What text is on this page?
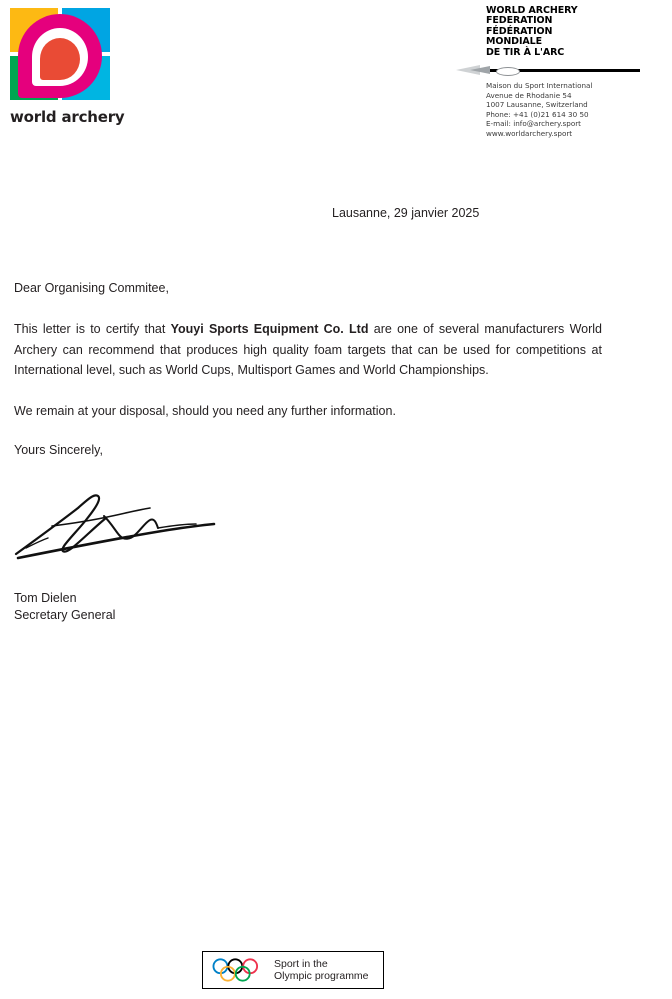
world archery
WORLD ARCHERY
FEDERATION
FÉDÉRATION
MONDIALE
DE TIR À L'ARC
Maison du Sport International
Avenue de Rhodanie 54
1007 Lausanne, Switzerland
Phone: +41 (0)21 614 30 50
E-mail: info@archery.sport
www.worldarchery.sport
Lausanne, 29 janvier 2025
Dear Organising Commitee,
This letter is to certify that Youyi Sports Equipment Co. Ltd are one of several manufacturers World Archery can recommend that produces high quality foam targets that can be used for competitions at International level, such as World Cups, Multisport Games and World Championships.
We remain at your disposal, should you need any further information.
Yours Sincerely,
Tom Dielen
Secretary General
Sport in the
Olympic programme
